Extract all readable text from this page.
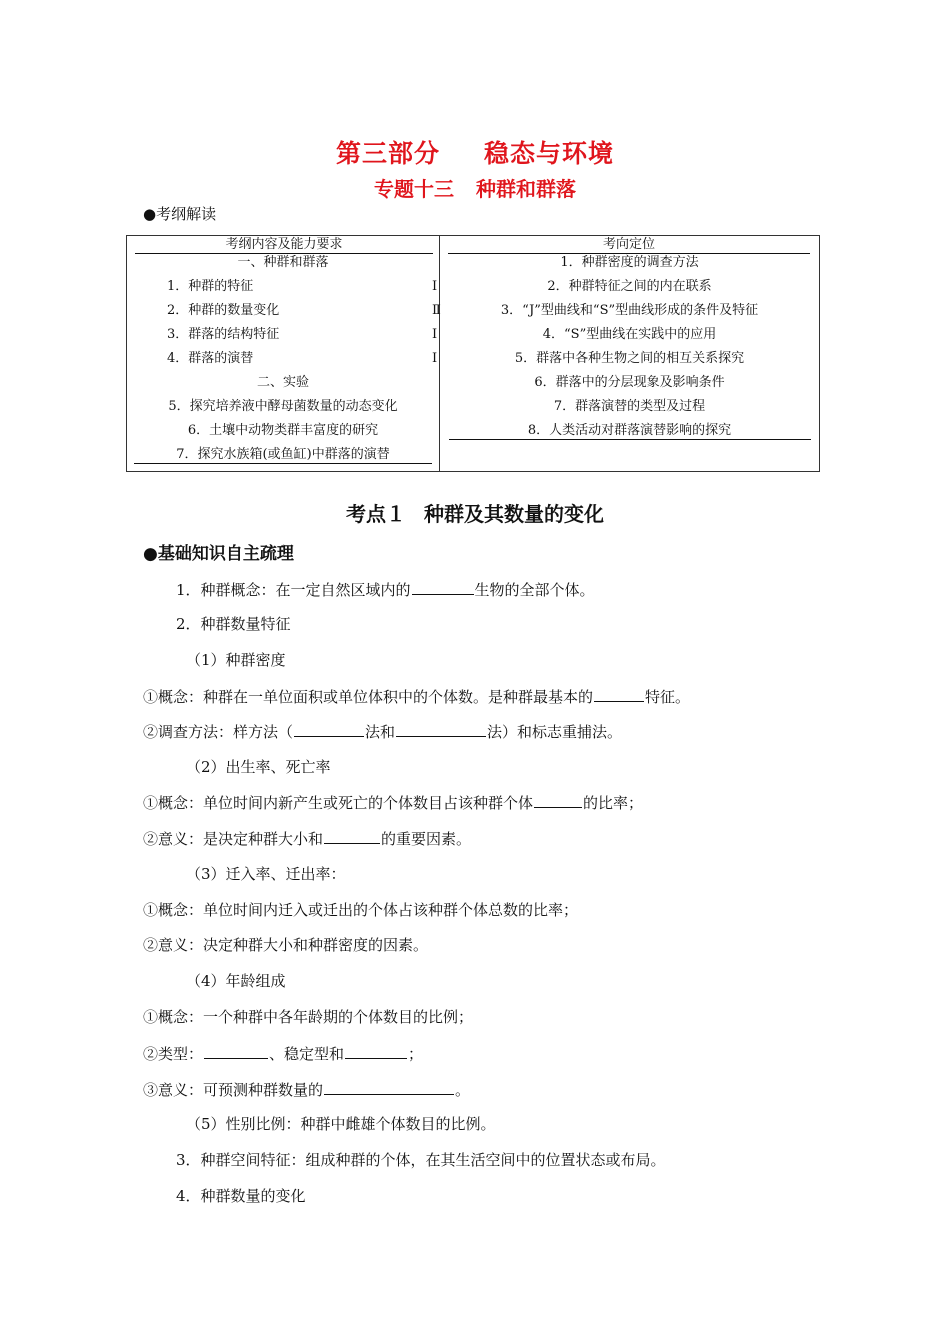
第三部分 稳态与环境
专题十三 种群和群落
●考纲解读
考纲内容及能力要求
一、种群和群落
1．种群的特征	Ⅰ
2．种群的数量变化	Ⅱ
3．群落的结构特征	Ⅰ
4．群落的演替	Ⅰ
二、实验
5．探究培养液中酵母菌数量的动态变化
6．土壤中动物类群丰富度的研究
7．探究水族箱(或鱼缸)中群落的演替
考向定位
1．种群密度的调查方法
2．种群特征之间的内在联系
3．“J”型曲线和“S”型曲线形成的条件及特征
4．“S”型曲线在实践中的应用
5．群落中各种生物之间的相互关系探究
6．群落中的分层现象及影响条件
7．群落演替的类型及过程
8．人类活动对群落演替影响的探究
考点１ 种群及其数量的变化
●基础知识自主疏理
1．种群概念：在一定自然区域内的	生物的全部个体。
2．种群数量特征
（1）种群密度
①概念：种群在一单位面积或单位体积中的个体数。是种群最基本的	特征。
②调查方法：样方法（	法和	法）和标志重捕法。
（2）出生率、死亡率
①概念：单位时间内新产生或死亡的个体数目占该种群个体	的比率；
②意义：是决定种群大小和	的重要因素。
（3）迁入率、迁出率：
①概念：单位时间内迁入或迁出的个体占该种群个体总数的比率；
②意义：决定种群大小和种群密度的因素。
（4）年龄组成
①概念：一个种群中各年龄期的个体数目的比例；
②类型：	、稳定型和	；
③意义：可预测种群数量的	。
（5）性别比例：种群中雌雄个体数目的比例。
3．种群空间特征：组成种群的个体，在其生活空间中的位置状态或布局。
4．种群数量的变化
